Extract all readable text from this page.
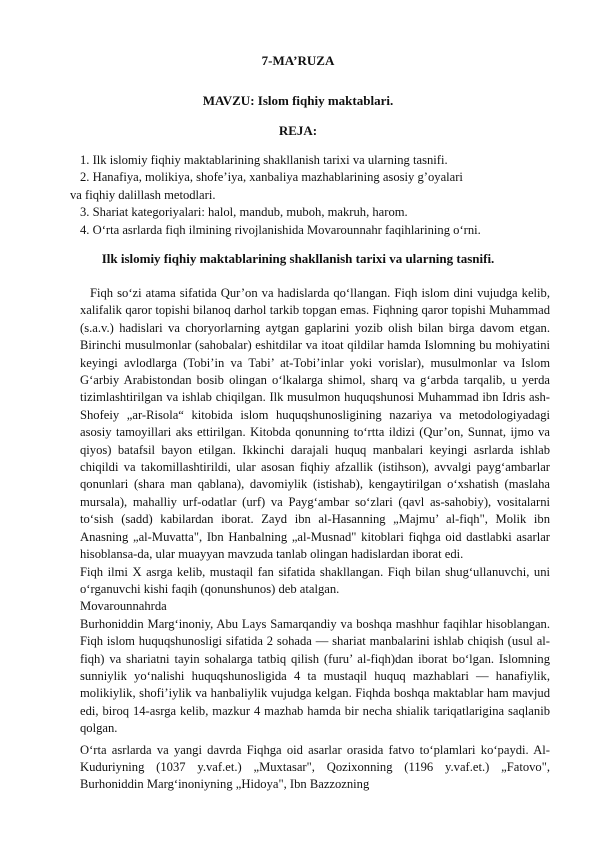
7-MA’RUZA
MAVZU: Islom fiqhiy maktablari.
REJA:
1. Ilk islomiy fiqhiy maktablarining shakllanish tarixi va ularning tasnifi.
2. Hanafiya, molikiya, shofe’iya, xanbaliya mazhablarining asosiy g’oyalari
va fiqhiy dalillash metodlari.
3. Shariat kategoriyalari: halol, mandub, muboh, makruh, harom.
4. O‘rta asrlarda fiqh ilmining rivojlanishida Movarounnahr faqihlarining o‘rni.
Ilk islomiy fiqhiy maktablarining shakllanish tarixi va ularning tasnifi.

Fiqh so‘zi atama sifatida Qur’on va hadislarda qo‘llangan. Fiqh islom dini vujudga kelib, xalifalik qaror topishi bilanoq darhol tarkib topgan emas. Fiqhning qaror topishi Muhammad (s.a.v.) hadislari va choryorlarning aytgan gaplarini yozib olish bilan birga davom etgan. Birinchi musulmonlar (sahobalar) eshitdilar va itoat qildilar hamda Islomning bu mohiyatini keyingi avlodlarga (Tobi’in va Tabi’ at-Tobi’inlar yoki vorislar), musulmonlar va Islom G‘arbiy Arabistondan bosib olingan o‘lkalarga shimol, sharq va g‘arbda tarqalib, u yerda tizimlashtirilgan va ishlab chiqilgan. Ilk musulmon huquqshunosi Muhammad ibn Idris ash-Shofeiy „ar-Risola“ kitobida islom huquqshunosligining nazariya va metodologiyadagi asosiy tamoyillari aks ettirilgan. Kitobda qonunning to‘rtta ildizi (Qur’on, Sunnat, ijmo va qiyos) batafsil bayon etilgan. Ikkinchi darajali huquq manbalari keyingi asrlarda ishlab chiqildi va takomillashtirildi, ular asosan fiqhiy afzallik (istihson), avvalgi payg‘ambarlar qonunlari (shara man qablana), davomiylik (istishab), kengaytirilgan o‘xshatish (maslaha mursala), mahalliy urf-odatlar (urf) va Payg‘ambar so‘zlari (qavl as-sahobiy), vositalarni to‘sish (sadd) kabilardan iborat. Zayd ibn al-Hasanning „Majmu’ al-fiqh", Molik ibn Anasning „al-Muvatta", Ibn Hanbalning „al-Musnad" kitoblari fiqhga oid dastlabki asarlar hisoblansa-da, ular muayyan mavzuda tanlab olingan hadislardan iborat edi.

Fiqh ilmi X asrga kelib, mustaqil fan sifatida shakllangan. Fiqh bilan shug‘ullanuvchi, uni o‘rganuvchi kishi faqih (qonunshunos) deb atalgan.

Movarounnahrda

Burhoniddin Marg‘inoniy, Abu Lays Samarqandiy va boshqa mashhur faqihlar hisoblangan. Fiqh islom huquqshunosligi sifatida 2 sohada — shariat manbalarini ishlab chiqish (usul al-fiqh) va shariatni tayin sohalarga tatbiq qilish (furu’ al-fiqh)dan iborat bo‘lgan. Islomning sunniylik yo‘nalishi huquqshunosligida 4 ta mustaqil huquq mazhablari — hanafiylik, molikiylik, shofi’iylik va hanbaliylik vujudga kelgan. Fiqhda boshqa maktablar ham mavjud edi, biroq 14-asrga kelib, mazkur 4 mazhab hamda bir necha shialik tariqatlarigina saqlanib qolgan.

O‘rta asrlarda va yangi davrda Fiqhga oid asarlar orasida fatvo to‘plamlari ko‘paydi. Al-Kuduriyning (1037 y.vaf.et.) „Muxtasar", Qozixonning (1196 y.vaf.et.) „Fatovo", Burhoniddin Marg‘inoniyning „Hidoya", Ibn Bazzozning
